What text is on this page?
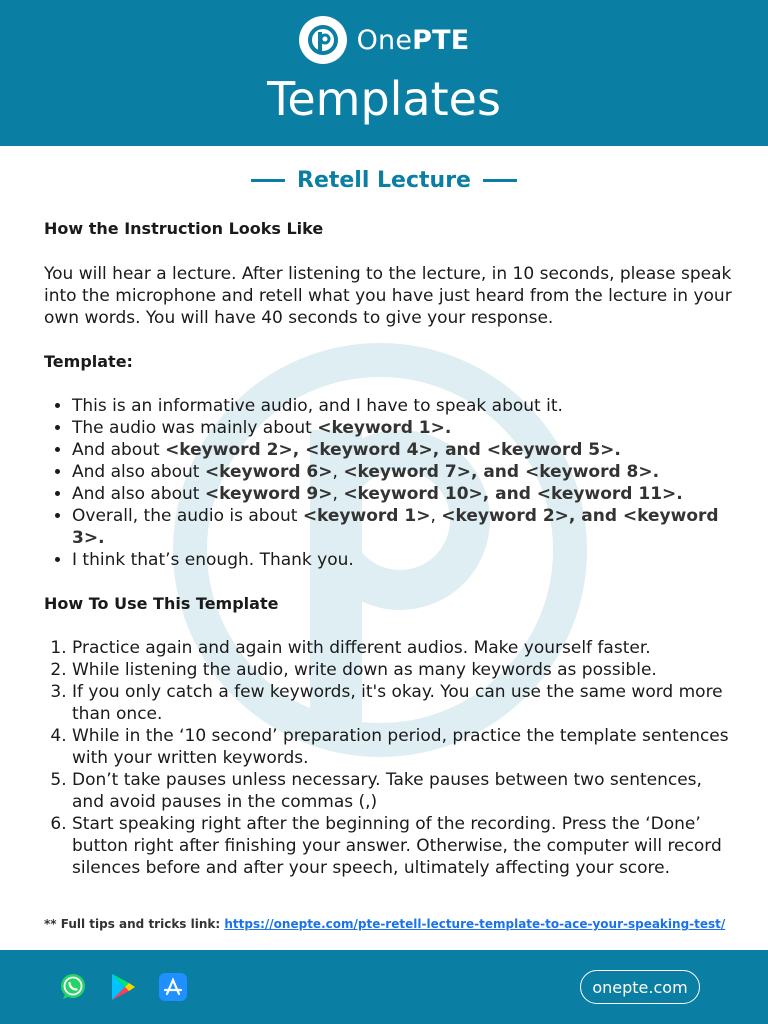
OnePTE
Templates
Retell Lecture
How the Instruction Looks Like

You will hear a lecture. After listening to the lecture, in 10 seconds, please speak into the microphone and retell what you have just heard from the lecture in your own words. You will have 40 seconds to give your response.

Template:
• This is an informative audio, and I have to speak about it.
• The audio was mainly about <keyword 1>.
• And about <keyword 2>, <keyword 4>, and <keyword 5>.
• And also about <keyword 6>, <keyword 7>, and <keyword 8>.
• And also about <keyword 9>, <keyword 10>, and <keyword 11>.
• Overall, the audio is about <keyword 1>, <keyword 2>, and <keyword 3>.
• I think that’s enough. Thank you.
How To Use This Template
1. Practice again and again with different audios. Make yourself faster.
2. While listening the audio, write down as many keywords as possible.
3. If you only catch a few keywords, it's okay. You can use the same word more than once.
4. While in the ‘10 second’ preparation period, practice the template sentences with your written keywords.
5. Don’t take pauses unless necessary. Take pauses between two sentences, and avoid pauses in the commas (,)
6. Start speaking right after the beginning of the recording. Press the ‘Done’ button right after finishing your answer. Otherwise, the computer will record silences before and after your speech, ultimately affecting your score.
** Full tips and tricks link: https://onepte.com/pte-retell-lecture-template-to-ace-your-speaking-test/
onepte.com
